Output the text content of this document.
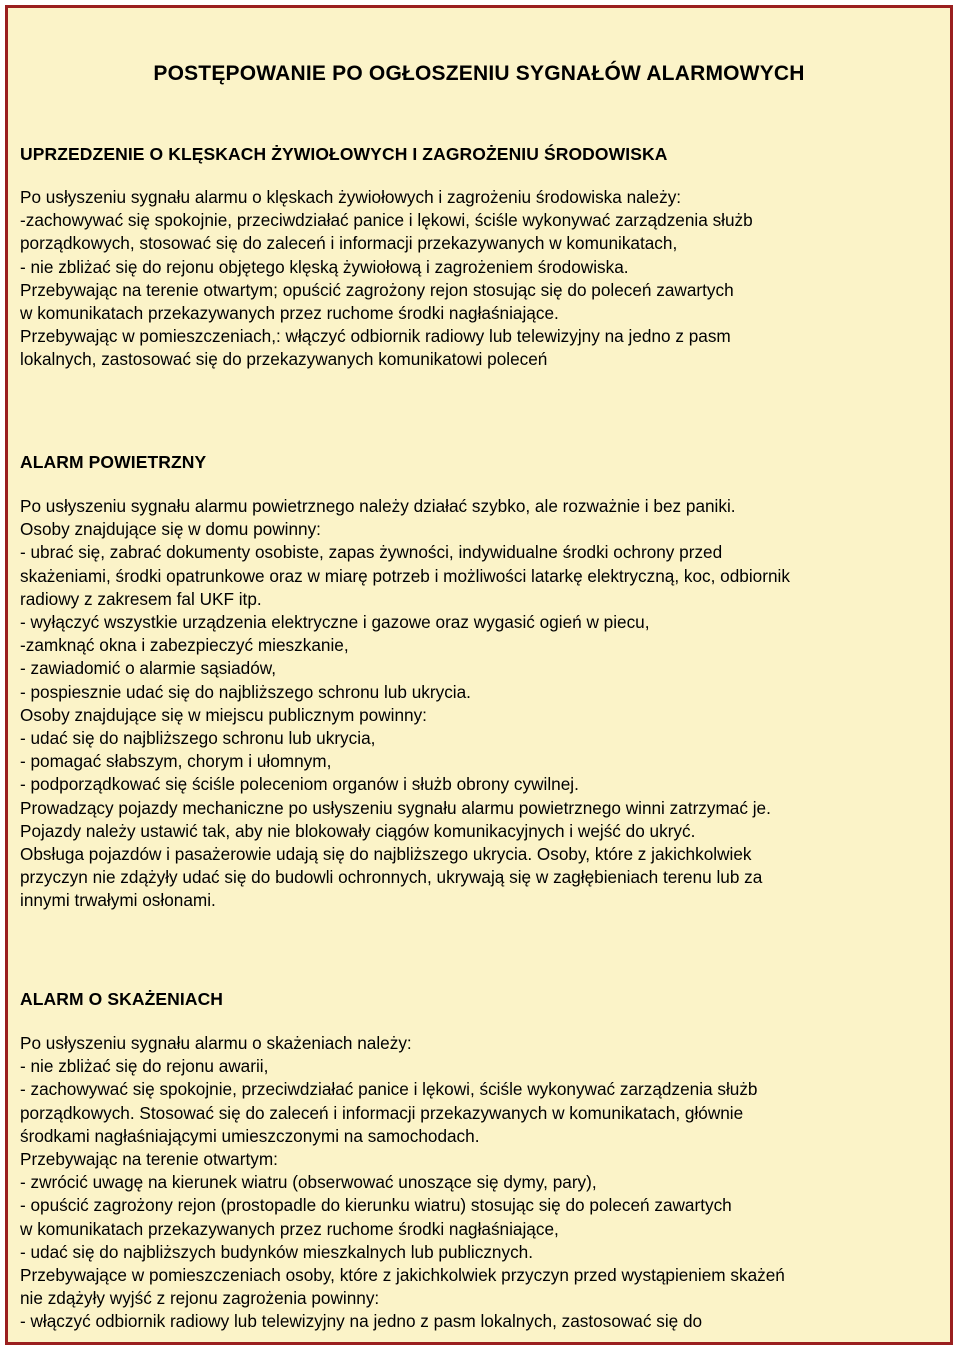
POSTĘPOWANIE PO OGŁOSZENIU SYGNAŁÓW ALARMOWYCH
UPRZEDZENIE O KLĘSKACH ŻYWIOŁOWYCH I ZAGROŻENIU ŚRODOWISKA

Po usłyszeniu sygnału alarmu o klęskach żywiołowych i zagrożeniu środowiska należy:

-zachowywać się spokojnie, przeciwdziałać panice i lękowi, ściśle wykonywać zarządzenia służb

porządkowych, stosować się do zaleceń i informacji przekazywanych w komunikatach,

- nie zbliżać się do rejonu objętego klęską żywiołową i zagrożeniem środowiska.

Przebywając na terenie otwartym; opuścić zagrożony rejon stosując się do poleceń zawartych

w komunikatach przekazywanych przez ruchome środki nagłaśniające.

Przebywając w pomieszczeniach,: włączyć odbiornik radiowy lub telewizyjny na jedno z pasm

lokalnych, zastosować się do przekazywanych komunikatowi poleceń

ALARM POWIETRZNY

Po usłyszeniu sygnału alarmu powietrznego należy działać szybko, ale rozważnie i bez paniki.

Osoby znajdujące się w domu powinny:

- ubrać się, zabrać dokumenty osobiste, zapas żywności, indywidualne środki ochrony przed

skażeniami, środki opatrunkowe oraz w miarę potrzeb i możliwości latarkę elektryczną, koc, odbiornik

radiowy z zakresem fal UKF itp.

- wyłączyć wszystkie urządzenia elektryczne i gazowe oraz wygasić ogień w piecu,

-zamknąć okna i zabezpieczyć mieszkanie,

- zawiadomić o alarmie sąsiadów,

- pospiesznie udać się do najbliższego schronu lub ukrycia.

Osoby znajdujące się w miejscu publicznym powinny:

- udać się do najbliższego schronu lub ukrycia,

- pomagać słabszym, chorym i ułomnym,

- podporządkować się ściśle poleceniom organów i służb obrony cywilnej.

Prowadzący pojazdy mechaniczne po usłyszeniu sygnału alarmu powietrznego winni zatrzymać je.

Pojazdy należy ustawić tak, aby nie blokowały ciągów komunikacyjnych i wejść do ukryć.

Obsługa pojazdów i pasażerowie udają się do najbliższego ukrycia. Osoby, które z jakichkolwiek

przyczyn nie zdążyły udać się do budowli ochronnych, ukrywają się w zagłębieniach terenu lub za

innymi trwałymi osłonami.

ALARM O SKAŻENIACH

Po usłyszeniu sygnału alarmu o skażeniach należy:

- nie zbliżać się do rejonu awarii,

- zachowywać się spokojnie, przeciwdziałać panice i lękowi, ściśle wykonywać zarządzenia służb

porządkowych. Stosować się do zaleceń i informacji przekazywanych w komunikatach, głównie

środkami nagłaśniającymi umieszczonymi na samochodach.

Przebywając na terenie otwartym:

- zwrócić uwagę na kierunek wiatru (obserwować unoszące się dymy, pary),

- opuścić zagrożony rejon (prostopadle do kierunku wiatru) stosując się do poleceń zawartych

w komunikatach przekazywanych przez ruchome środki nagłaśniające,

- udać się do najbliższych budynków mieszkalnych lub publicznych.

Przebywające w pomieszczeniach osoby, które z jakichkolwiek przyczyn przed wystąpieniem skażeń

nie zdążyły wyjść z rejonu zagrożenia powinny:

- włączyć odbiornik radiowy lub telewizyjny na jedno z pasm lokalnych, zastosować się do
